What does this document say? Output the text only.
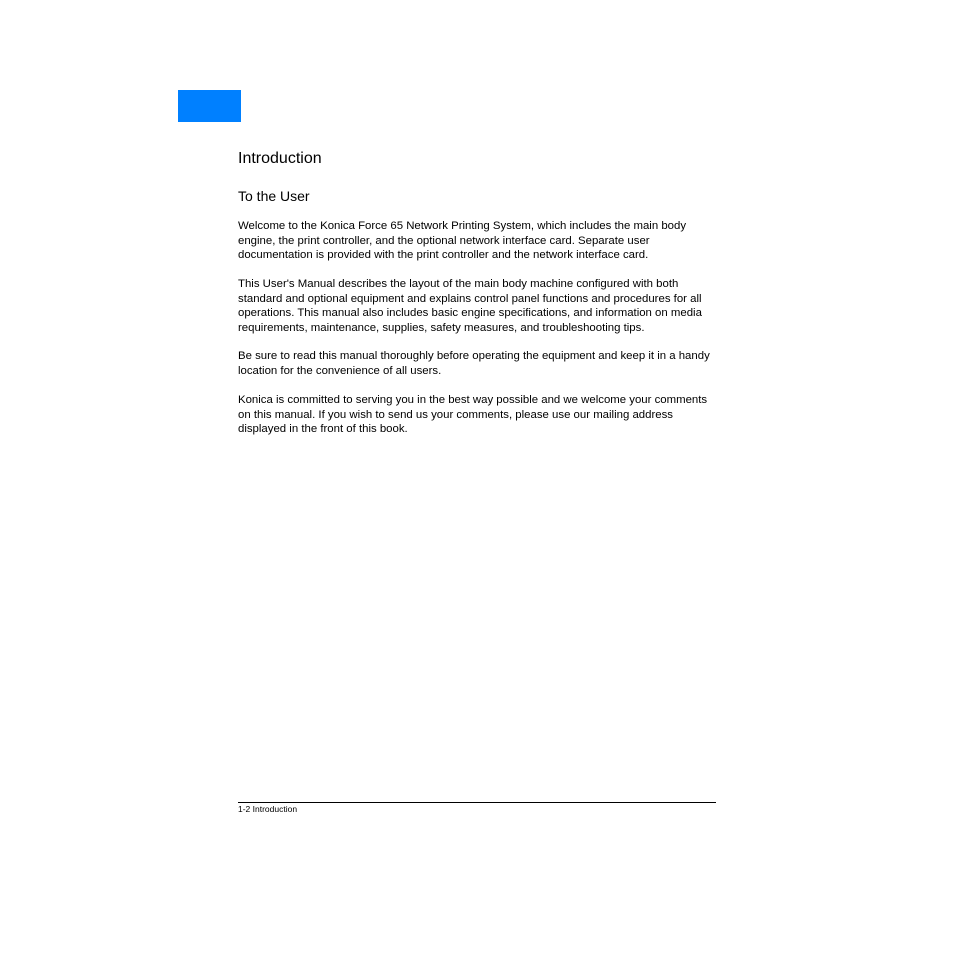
Introduction
To the User

Welcome to the Konica Force 65 Network Printing System, which includes the main body engine, the print controller, and the optional network interface card. Separate user documentation is provided with the print controller and the network interface card.

This User's Manual describes the layout of the main body machine configured with both standard and optional equipment and explains control panel functions and procedures for all operations. This manual also includes basic engine specifications, and information on media requirements, maintenance, supplies, safety measures, and troubleshooting tips.

Be sure to read this manual thoroughly before operating the equipment and keep it in a handy location for the convenience of all users.

Konica is committed to serving you in the best way possible and we welcome your comments on this manual. If you wish to send us your comments, please use our mailing address displayed in the front of this book.

1-2 Introduction
